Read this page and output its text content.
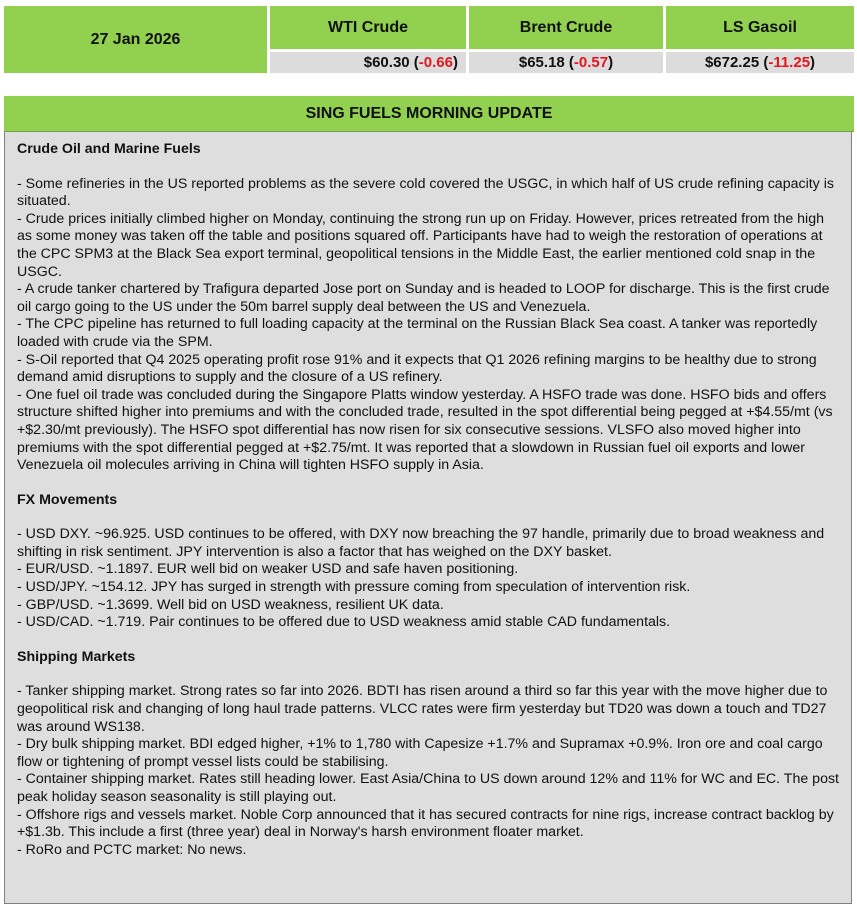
27 Jan 2026
WTI Crude
$60.30 ( -0.66 )
Brent Crude
$65.18 ( -0.57 )
LS Gasoil
$672.25 ( -11.25 )
SING FUELS MORNING UPDATE
Crude Oil and Marine Fuels

- Some refineries in the US reported problems as the severe cold covered the USGC, in which half of US crude refining capacity is situated.

- Crude prices initially climbed higher on Monday, continuing the strong run up on Friday. However, prices retreated from the high as some money was taken off the table and positions squared off. Participants have had to weigh the restoration of operations at the CPC SPM3 at the Black Sea export terminal, geopolitical tensions in the Middle East, the earlier mentioned cold snap in the USGC.

- A crude tanker chartered by Trafigura departed Jose port on Sunday and is headed to LOOP for discharge. This is the first crude oil cargo going to the US under the 50m barrel supply deal between the US and Venezuela.

- The CPC pipeline has returned to full loading capacity at the terminal on the Russian Black Sea coast. A tanker was reportedly loaded with crude via the SPM.

- S-Oil reported that Q4 2025 operating profit rose 91% and it expects that Q1 2026 refining margins to be healthy due to strong demand amid disruptions to supply and the closure of a US refinery.

- One fuel oil trade was concluded during the Singapore Platts window yesterday. A HSFO trade was done. HSFO bids and offers structure shifted higher into premiums and with the concluded trade, resulted in the spot differential being pegged at +$4.55/mt (vs +$2.30/mt previously). The HSFO spot differential has now risen for six consecutive sessions. VLSFO also moved higher into premiums with the spot differential pegged at +$2.75/mt. It was reported that a slowdown in Russian fuel oil exports and lower Venezuela oil molecules arriving in China will tighten HSFO supply in Asia.

FX Movements

- USD DXY. ~96.925. USD continues to be offered, with DXY now breaching the 97 handle, primarily due to broad weakness and shifting in risk sentiment. JPY intervention is also a factor that has weighed on the DXY basket.

- EUR/USD. ~1.1897. EUR well bid on weaker USD and safe haven positioning.

- USD/JPY. ~154.12. JPY has surged in strength with pressure coming from speculation of intervention risk.

- GBP/USD. ~1.3699. Well bid on USD weakness, resilient UK data.

- USD/CAD. ~1.719. Pair continues to be offered due to USD weakness amid stable CAD fundamentals.

Shipping Markets

- Tanker shipping market. Strong rates so far into 2026. BDTI has risen around a third so far this year with the move higher due to geopolitical risk and changing of long haul trade patterns. VLCC rates were firm yesterday but TD20 was down a touch and TD27 was around WS138.

- Dry bulk shipping market. BDI edged higher, +1% to 1,780 with Capesize +1.7% and Supramax +0.9%. Iron ore and coal cargo flow or tightening of prompt vessel lists could be stabilising.

- Container shipping market. Rates still heading lower. East Asia/China to US down around 12% and 11% for WC and EC. The post peak holiday season seasonality is still playing out.

- Offshore rigs and vessels market. Noble Corp announced that it has secured contracts for nine rigs, increase contract backlog by +$1.3b. This include a first (three year) deal in Norway's harsh environment floater market.

- RoRo and PCTC market: No news.
